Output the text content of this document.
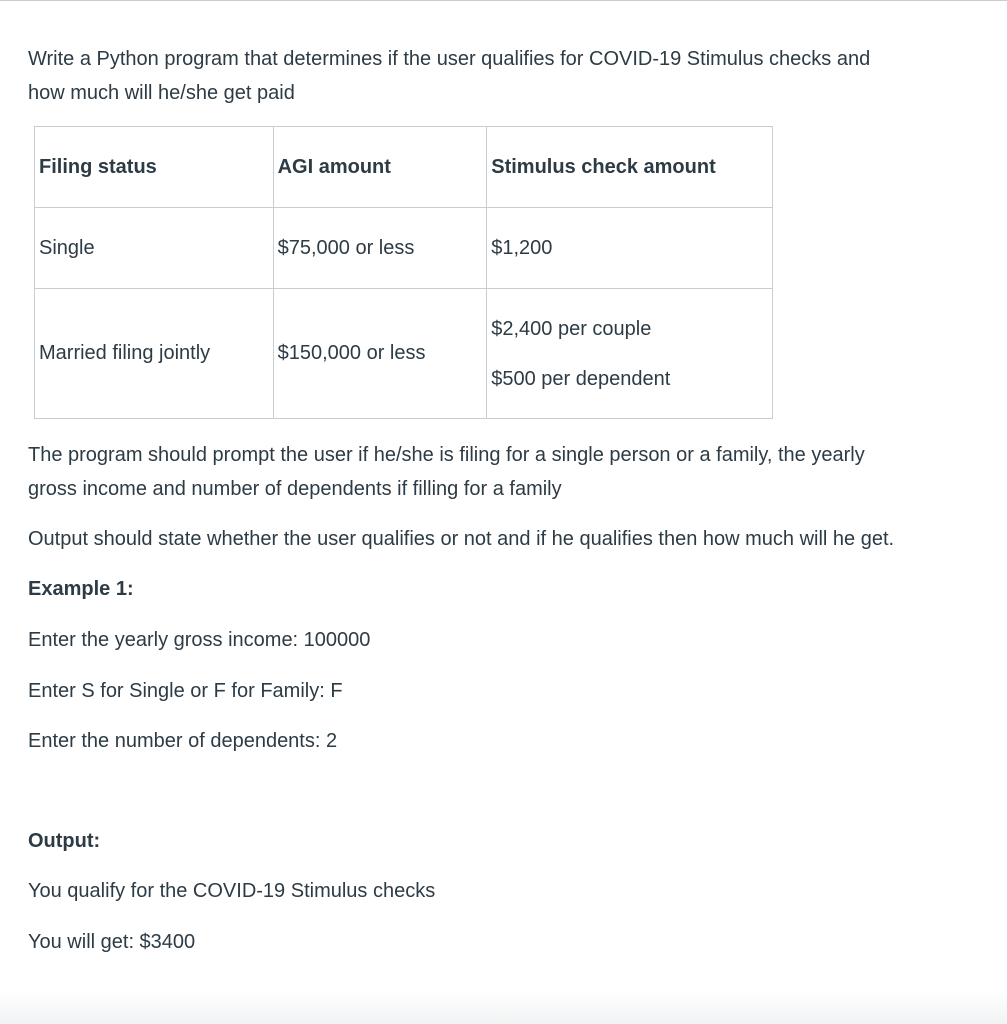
Write a Python program that determines if the user qualifies for COVID-19 Stimulus checks and

how much will he/she get paid

Filing status	AGI amount	Stimulus check amount
Single	$75,000 or less	$1,200
Married filing jointly	$150,000 or less	$2,400 per couple
$500 per dependent

The program should prompt the user if he/she is filing for a single person or a family, the yearly

gross income and number of dependents if filling for a family

Output should state whether the user qualifies or not and if he qualifies then how much will he get.

Example 1:

Enter the yearly gross income: 100000

Enter S for Single or F for Family: F

Enter the number of dependents: 2

Output:

You qualify for the COVID-19 Stimulus checks

You will get: $3400
